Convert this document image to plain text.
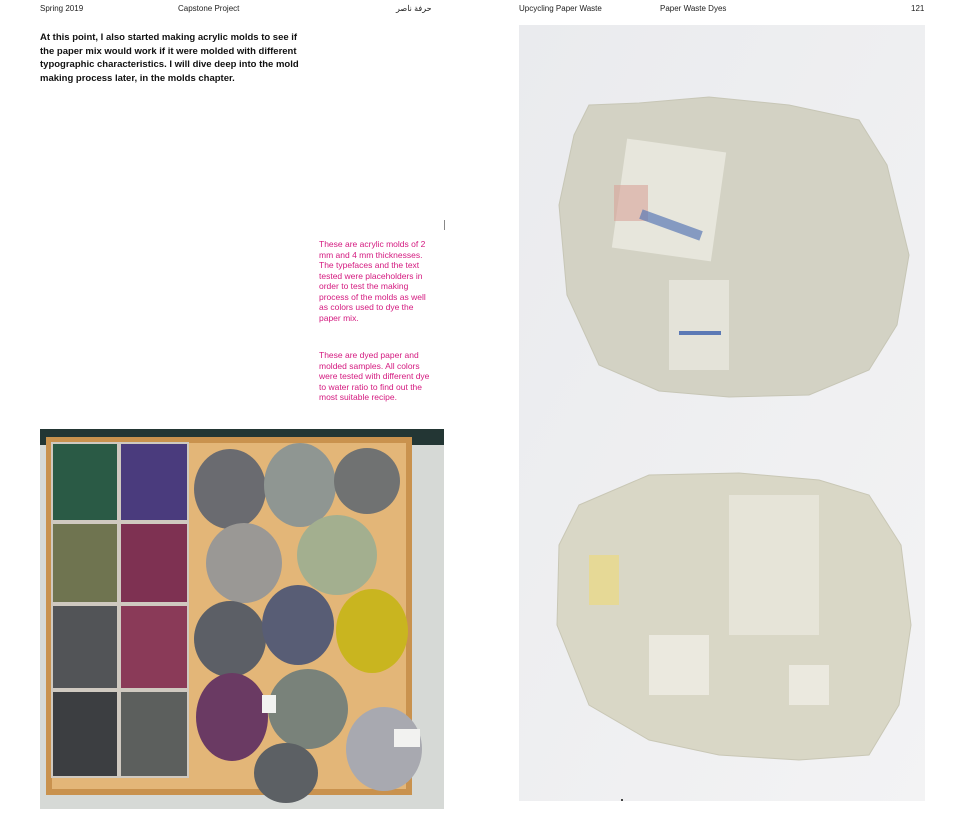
Spring 2019	Capstone Project	حرفة ناصر	Upcycling Paper Waste	Paper Waste Dyes	121

At this point, I also started making acrylic molds to see if the paper mix would work if it were molded with different typographic characteristics. I will dive deep into the mold making process later, in the molds chapter.

These are acrylic molds of 2 mm and 4 mm thicknesses. The typefaces and the text tested were placeholders in order to test the making process of the molds as well as colors used to dye the paper mix.

These are dyed paper and molded samples. All colors were tested with different dye to water ratio to find out the most suitable recipe.
